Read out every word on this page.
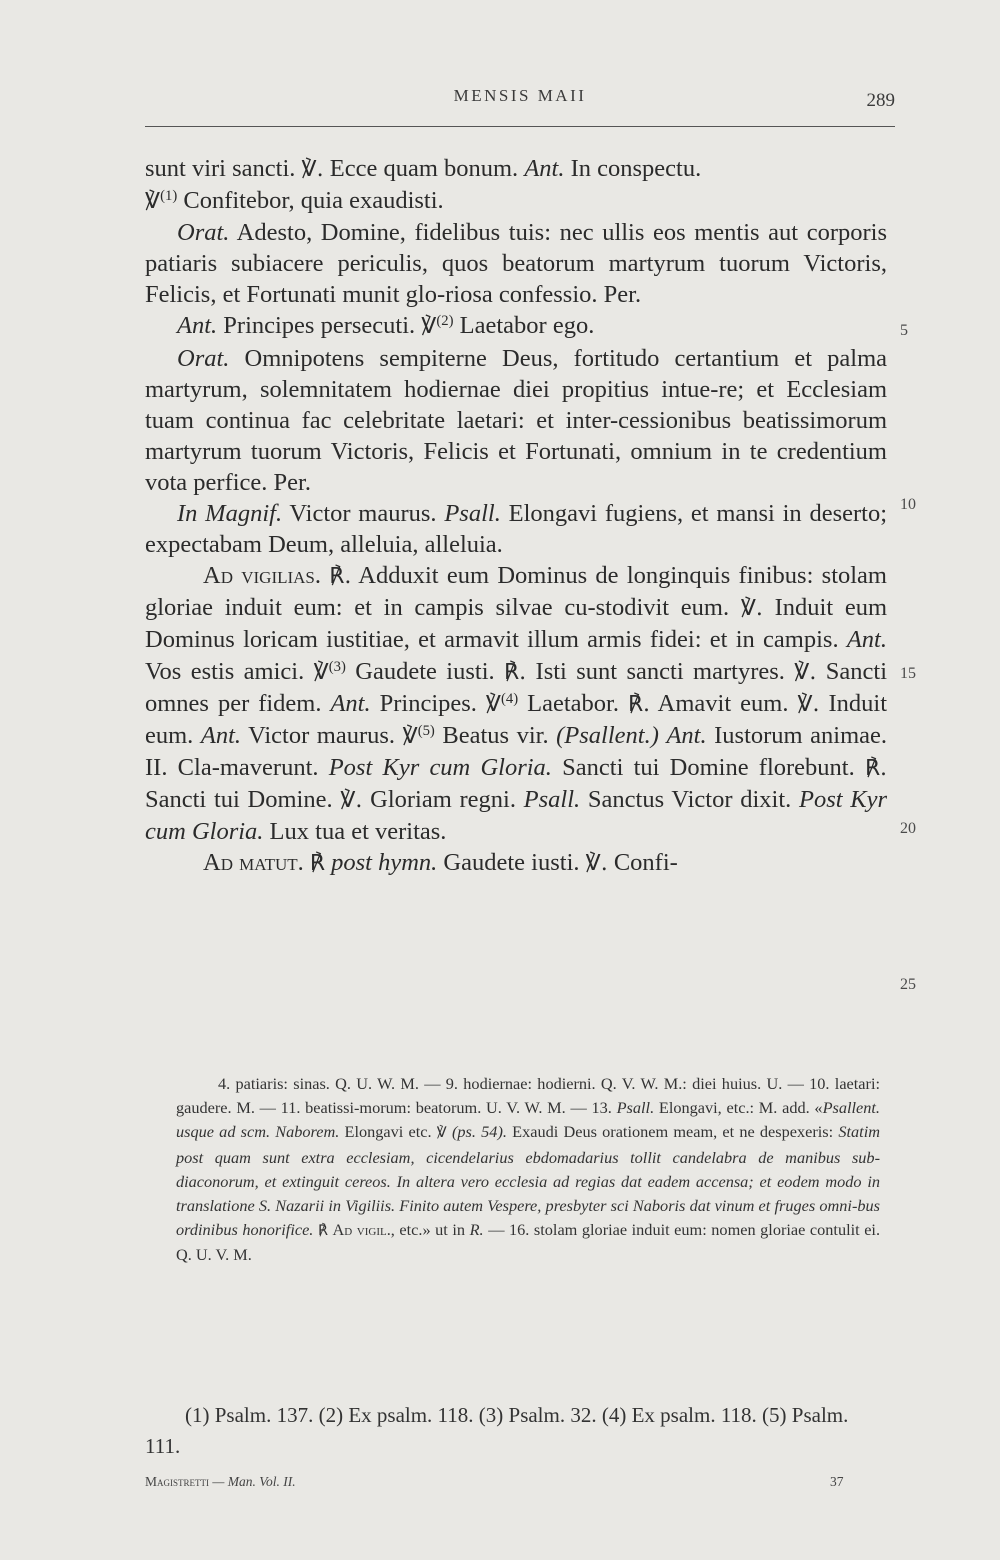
MENSIS MAII	289

sunt viri sancti. ℣. Ecce quam bonum. Ant. In conspectu.
℣$^{(1)}$ Confitebor, quia exaudisti.

Orat. Adesto, Domine, fidelibus tuis: nec ullis eos mentis aut corporis patiaris subiacere periculis, quos beatorum martyrum tuorum Victoris, Felicis, et Fortunati munit glo-riosa confessio. Per.

Ant. Principes persecuti. ℣$^{(2)}$ Laetabor ego.

Orat. Omnipotens sempiterne Deus, fortitudo certantium et palma martyrum, solemnitatem hodiernae diei propitius intue-re; et Ecclesiam tuam continua fac celebritate laetari: et inter-cessionibus beatissimorum martyrum tuorum Victoris, Felicis et Fortunati, omnium in te credentium vota perfice. Per.

In Magnif. Victor maurus. Psall. Elongavi fugiens, et mansi in deserto; expectabam Deum, alleluia, alleluia.

Ad vigilias. ℟. Adduxit eum Dominus de longinquis finibus: stolam gloriae induit eum: et in campis silvae cu-stodivit eum. ℣. Induit eum Dominus loricam iustitiae, et armavit illum armis fidei: et in campis. Ant. Vos estis amici. ℣$^{(3)}$ Gaudete iusti. ℟. Isti sunt sancti martyres. ℣. Sancti omnes per fidem. Ant. Principes. ℣$^{(4)}$ Laetabor. ℟. Amavit eum. ℣. Induit eum. Ant. Victor maurus. ℣$^{(5)}$ Beatus vir. (Psallent.) Ant. Iustorum animae. II. Cla-maverunt. Post Kyr cum Gloria. Sancti tui Domine florebunt. ℟. Sancti tui Domine. ℣. Gloriam regni. Psall. Sanctus Victor dixit. Post Kyr cum Gloria. Lux tua et veritas.

Ad matut. ℟ post hymn. Gaudete iusti. ℣. Confi-

5
10
15
20
25

4. patiaris: sinas. Q. U. W. M. — 9. hodiernae: hodierni. Q. V. W. M.: diei huius. U. — 10. laetari: gaudere. M. — 11. beatissi-morum: beatorum. U. V. W. M. — 13. Psall. Elongavi, etc.: M. add. «Psallent. usque ad scm. Naborem. Elongavi etc. ℣ (ps. 54). Exaudi Deus orationem meam, et ne despexeris: Statim post quam sunt extra ecclesiam, cicendelarius ebdomadarius tollit candelabra de manibus sub-diaconorum, et extinguit cereos. In altera vero ecclesia ad regias dat eadem accensa; et eodem modo in translatione S. Nazarii in Vigiliis. Finito autem Vespere, presbyter sci Naboris dat vinum et fruges omni-bus ordinibus honorifice. ℟ Ad vigil., etc.» ut in R. — 16. stolam gloriae induit eum: nomen gloriae contulit ei. Q. U. V. M.

(1) Psalm. 137. (2) Ex psalm. 118. (3) Psalm. 32. (4) Ex psalm. 118. (5) Psalm. 111.

Magistretti — Man. Vol. II.	37
